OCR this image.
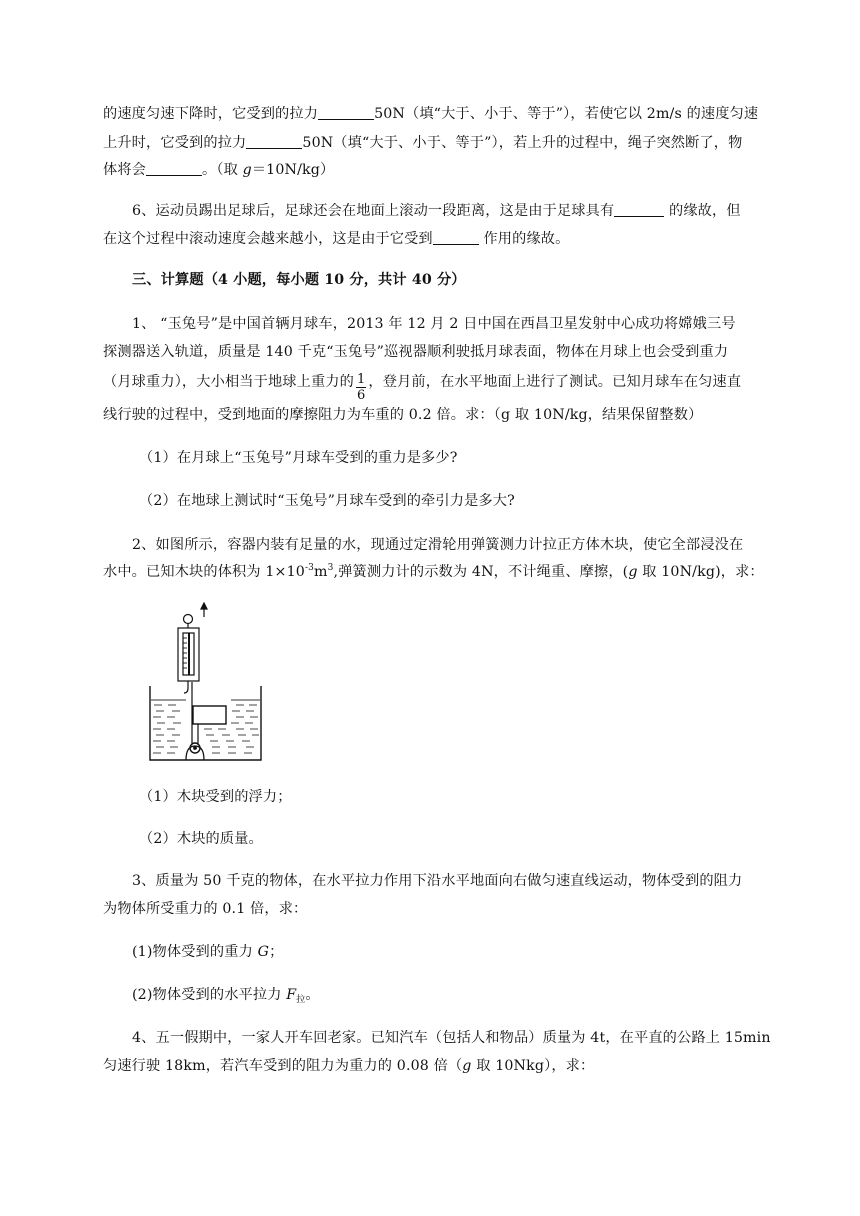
的速度匀速下降时，它受到的拉力	50N（填“大于、小于、等于”），若使它以 2m/s 的速度匀速
上升时，它受到的拉力	50N（填“大于、小于、等于”），若上升的过程中，绳子突然断了，物
体将会	。（取 g＝10N/kg）
6、运动员踢出足球后，足球还会在地面上滚动一段距离，这是由于足球具有	的缘故，但
在这个过程中滚动速度会越来越小，这是由于它受到	作用的缘故。
三、计算题（4 小题，每小题 10 分，共计 40 分）
1、 “玉兔号”是中国首辆月球车，2013 年 12 月 2 日中国在西昌卫星发射中心成功将嫦娥三号
探测器送入轨道，质量是 140 千克“玉兔号”巡视器顺利驶抵月球表面，物体在月球上也会受到重力
（月球重力），大小相当于地球上重力的 $\frac{1}{6}$ ，登月前，在水平地面上进行了测试。已知月球车在匀速直
线行驶的过程中，受到地面的摩擦阻力为车重的 0.2 倍。求：（g 取 10N/kg，结果保留整数）
（1）在月球上“玉兔号”月球车受到的重力是多少?
（2）在地球上测试时“玉兔号”月球车受到的牵引力是多大?
2、如图所示，容器内装有足量的水，现通过定滑轮用弹簧测力计拉正方体木块，使它全部浸没在
水中。已知木块的体积为 $1\times 10^{-3}m^3$,弹簧测力计的示数为 4N，不计绳重、摩擦，(g 取 10N/kg)，求：
（1）木块受到的浮力；
（2）木块的质量。
3、质量为 50 千克的物体，在水平拉力作用下沿水平地面向右做匀速直线运动，物体受到的阻力
为物体所受重力的 0.1 倍，求：
(1)物体受到的重力 G；
(2)物体受到的水平拉力 $F_拉$。
4、五一假期中，一家人开车回老家。已知汽车（包括人和物品）质量为 4t，在平直的公路上 15min
匀速行驶 18km，若汽车受到的阻力为重力的 0.08 倍（g 取 10Nkg），求：
